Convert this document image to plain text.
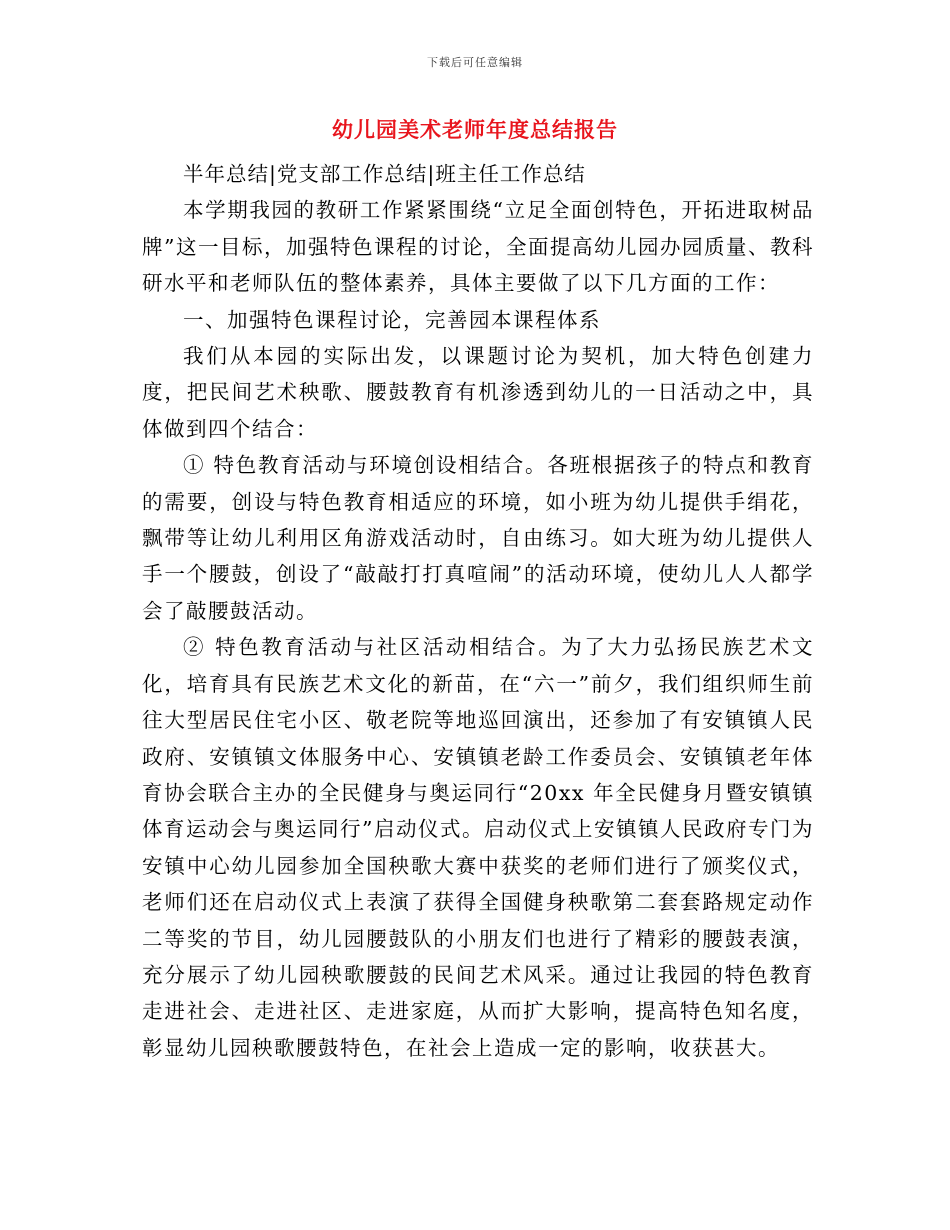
下载后可任意编辑
幼儿园美术老师年度总结报告

半年总结|党支部工作总结|班主任工作总结

本学期我园的教研工作紧紧围绕“立足全面创特色，开拓进取树品牌”这一目标，加强特色课程的讨论，全面提高幼儿园办园质量、教科研水平和老师队伍的整体素养，具体主要做了以下几方面的工作：

一、加强特色课程讨论，完善园本课程体系

我们从本园的实际出发，以课题讨论为契机，加大特色创建力度，把民间艺术秧歌、腰鼓教育有机渗透到幼儿的一日活动之中，具体做到四个结合：

① 特色教育活动与环境创设相结合。各班根据孩子的特点和教育的需要，创设与特色教育相适应的环境，如小班为幼儿提供手绢花，飘带等让幼儿利用区角游戏活动时，自由练习。如大班为幼儿提供人手一个腰鼓，创设了“敲敲打打真喧闹”的活动环境，使幼儿人人都学会了敲腰鼓活动。

② 特色教育活动与社区活动相结合。为了大力弘扬民族艺术文化，培育具有民族艺术文化的新苗，在“六一”前夕，我们组织师生前往大型居民住宅小区、敬老院等地巡回演出，还参加了有安镇镇人民政府、安镇镇文体服务中心、安镇镇老龄工作委员会、安镇镇老年体育协会联合主办的全民健身与奥运同行“20xx 年全民健身月暨安镇镇体育运动会与奥运同行”启动仪式。启动仪式上安镇镇人民政府专门为安镇中心幼儿园参加全国秧歌大赛中获奖的老师们进行了颁奖仪式，老师们还在启动仪式上表演了获得全国健身秧歌第二套套路规定动作二等奖的节目，幼儿园腰鼓队的小朋友们也进行了精彩的腰鼓表演，充分展示了幼儿园秧歌腰鼓的民间艺术风采。通过让我园的特色教育走进社会、走进社区、走进家庭，从而扩大影响，提高特色知名度，彰显幼儿园秧歌腰鼓特色，在社会上造成一定的影响，收获甚大。
